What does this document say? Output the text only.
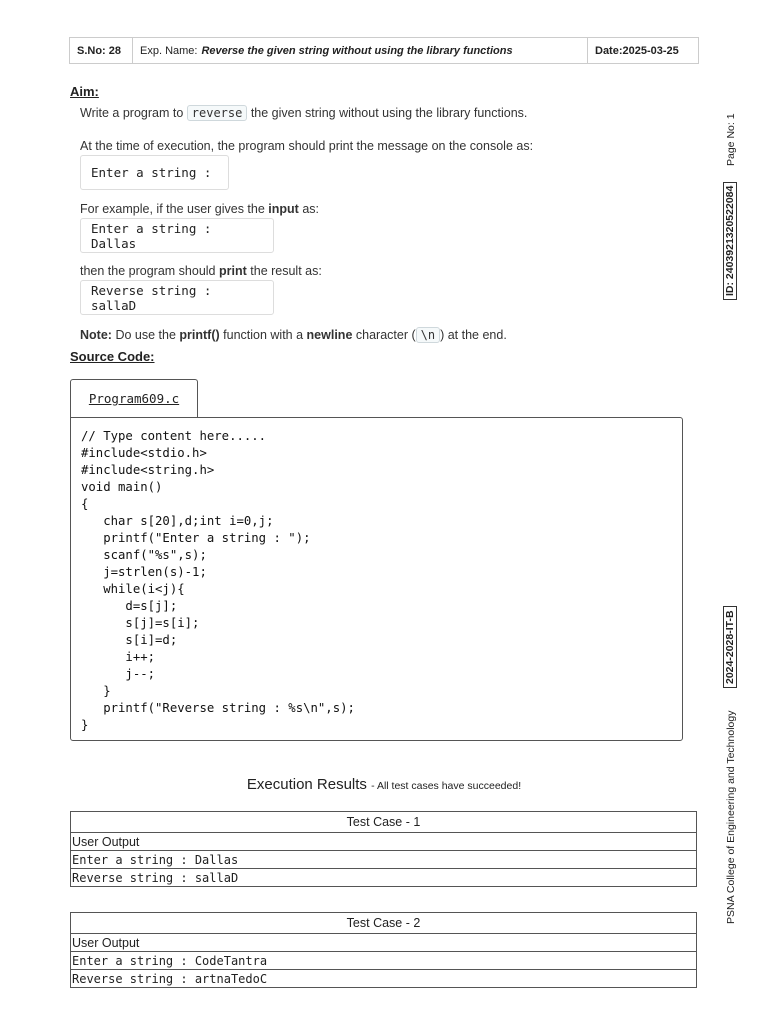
S.No: 28	Exp. Name: Reverse the given string without using the library functions	Date:2025-03-25
Aim:
Write a program to reverse the given string without using the library functions.
At the time of execution, the program should print the message on the console as:
Enter a string :
For example, if the user gives the input as:
Enter a string : Dallas
then the program should print the result as:
Reverse string : sallaD
Note: Do use the printf() function with a newline character ( \n ) at the end.
Source Code:
Program609.c
// Type content here.....
#include<stdio.h>
#include<string.h>
void main()
{
char s[20],d;int i=0,j;
printf("Enter a string : ");
scanf("%s",s);
j=strlen(s)-1;
while(i<j){
d=s[j];
s[j]=s[i];
s[i]=d;
i++;
j--;
}
printf("Reverse string : %s\n",s);
}
Execution Results - All test cases have succeeded!
Test Case - 1
User Output
Enter a string : Dallas
Reverse string : sallaD
Test Case - 2
User Output
Enter a string : CodeTantra
Reverse string : artnaTedoC
Page No: 1
ID: 240392132052208​4
2024-2028-IT-B
PSNA College of Engineering and Technology
